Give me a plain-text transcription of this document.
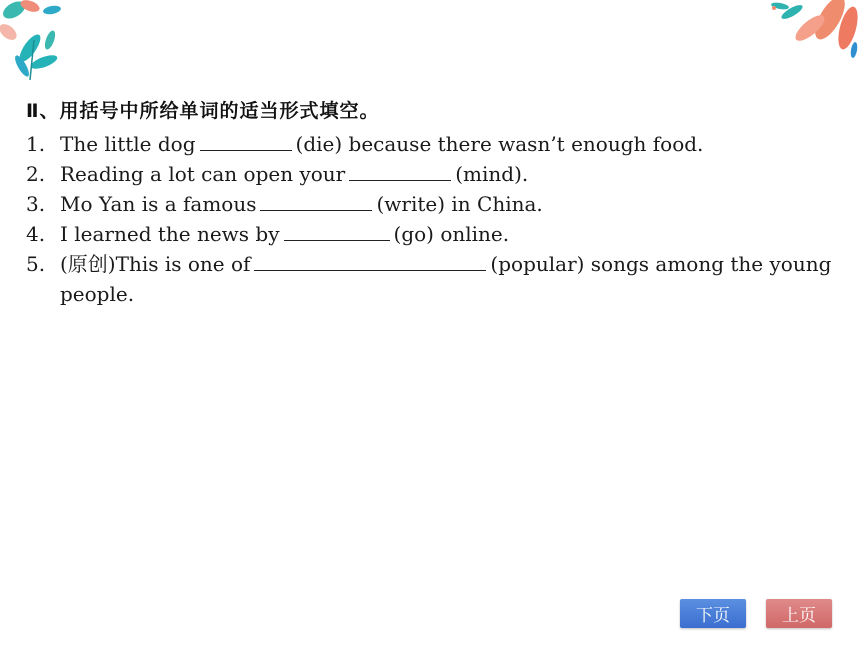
Ⅱ、用括号中所给单词的适当形式填空。
1. The little dog	(die) because there wasn’t enough food.
2. Reading a lot can open your	(mind).
3. Mo Yan is a famous	(write) in China.
4. I learned the news by	(go) online.
5. (原创)This is one of	(popular) songs among the young people.
下页	上页
